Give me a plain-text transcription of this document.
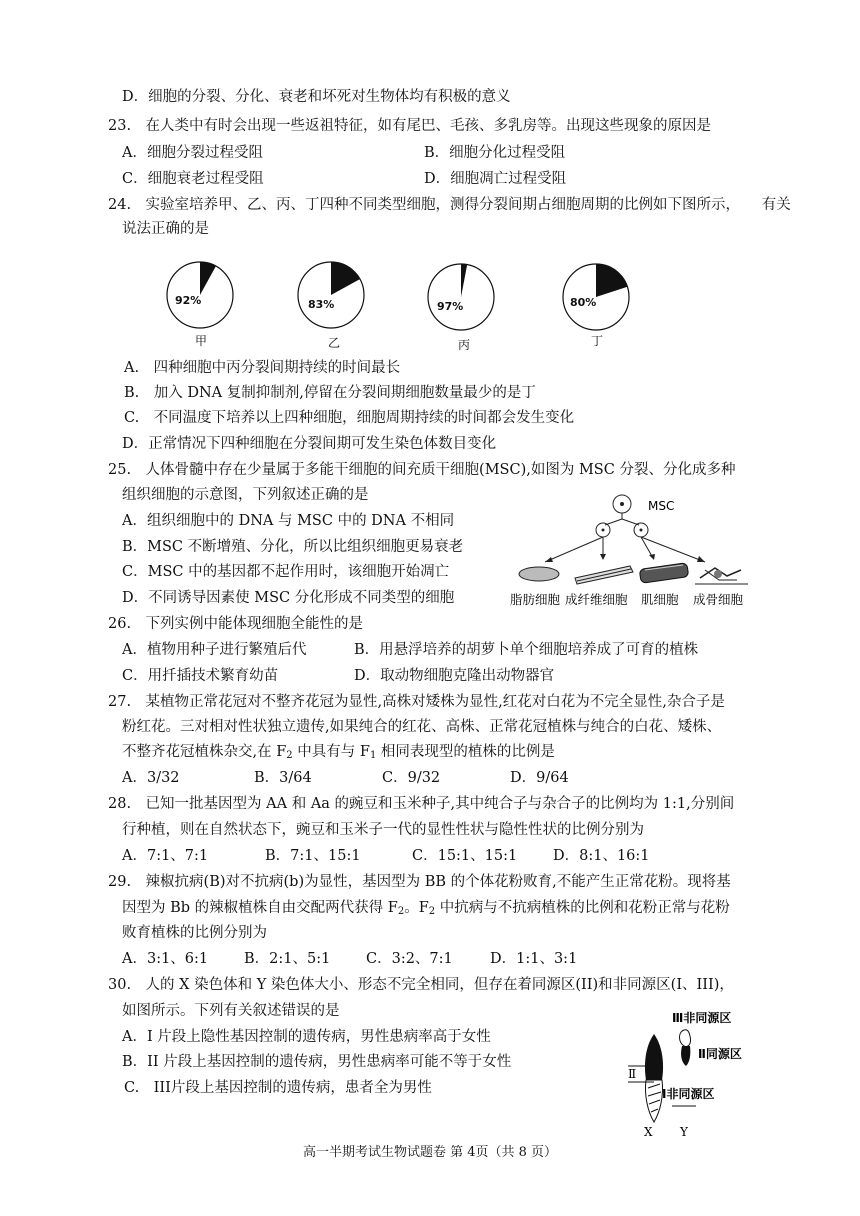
D．细胞的分裂、分化、衰老和坏死对生物体均有积极的意义
23.　在人类中有时会出现一些返祖特征，如有尾巴、毛孩、多乳房等。出现这些现象的原因是
A．细胞分裂过程受阻	B．细胞分化过程受阻
C．细胞衰老过程受阻	D．细胞凋亡过程受阻
24.　实验室培养甲、乙、丙、丁四种不同类型细胞，测得分裂间期占细胞周期的比例如下图所示，　　有关
说法正确的是
92%
甲
83%
乙
97%
丙
80%
丁
A.　四种细胞中丙分裂间期持续的时间最长
B.　加入 DNA 复制抑制剂,停留在分裂间期细胞数量最少的是丁
C.　不同温度下培养以上四种细胞，细胞周期持续的时间都会发生变化
D．正常情况下四种细胞在分裂间期可发生染色体数目变化
25.　人体骨髓中存在少量属于多能干细胞的间充质干细胞(MSC),如图为 MSC 分裂、分化成多种
组织细胞的示意图，下列叙述正确的是
A．组织细胞中的 DNA 与 MSC 中的 DNA 不相同
B．MSC 不断增殖、分化，所以比组织细胞更易衰老
C．MSC 中的基因都不起作用时，该细胞开始凋亡
D．不同诱导因素使 MSC 分化形成不同类型的细胞
MSC
脂肪细胞 成纤维细胞 肌细胞 成骨细胞
26.　下列实例中能体现细胞全能性的是
A．植物用种子进行繁殖后代	B．用悬浮培养的胡萝卜单个细胞培养成了可育的植株
C．用扦插技术繁育幼苗	D．取动物细胞克隆出动物器官
27.　某植物正常花冠对不整齐花冠为显性,高株对矮株为显性,红花对白花为不完全显性,杂合子是
粉红花。三对相对性状独立遗传,如果纯合的红花、高株、正常花冠植株与纯合的白花、矮株、
不整齐花冠植株杂交,在 $F_2$ 中具有与 $F_1$ 相同表现型的植株的比例是
A．3/32	B．3/64	C．9/32	D．9/64
28.　已知一批基因型为 AA 和 Aa 的豌豆和玉米种子,其中纯合子与杂合子的比例均为 1:1,分别间
行种植，则在自然状态下，豌豆和玉米子一代的显性性状与隐性性状的比例分别为
A．7:1、7:1	B．7:1、15:1	C．15:1、15:1 D．8:1、16:1
29.　辣椒抗病(B)对不抗病(b)为显性，基因型为 BB 的个体花粉败育,不能产生正常花粉。现将基
因型为 Bb 的辣椒植株自由交配两代获得 $F_2$。$F_2$ 中抗病与不抗病植株的比例和花粉正常与花粉
败育植株的比例分别为
A．3:1、6:1 B．2:1、5:1 C．3:2、7:1	D．1:1、3:1
30.　人的 X 染色体和 Y 染色体大小、形态不完全相同，但存在着同源区(II)和非同源区(I、III)，
如图所示。下列有关叙述错误的是
A．I 片段上隐性基因控制的遗传病，男性患病率高于女性
B．II 片段上基因控制的遗传病，男性患病率可能不等于女性
C.　III片段上基因控制的遗传病，患者全为男性
Ⅲ非同源区
Ⅱ同源区
Ⅱ
Ⅰ非同源区
X Y
高一半期考试生物试题卷 第 4页（共 8 页）
